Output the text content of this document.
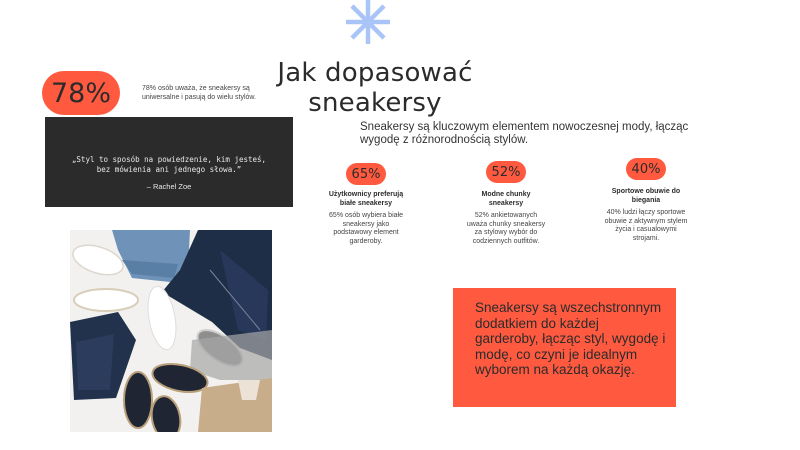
Jak dopasować
sneakersy
78%	78% osób uważa, że sneakersy są uniwersalne i pasują do wielu stylów.
„Styl to sposób na powiedzenie, kim jesteś, bez mówienia ani jednego słowa.”
– Rachel Zoe
Sneakersy są kluczowym elementem nowoczesnej mody, łącząc wygodę z różnorodnością stylów.
65%
Użytkownicy preferują białe sneakersy
65% osób wybiera białe sneakersy jako podstawowy element garderoby.
52%
Modne chunky sneakersy
52% ankietowanych uważa chunky sneakersy za stylowy wybór do codziennych outfitów.
40%
Sportowe obuwie do biegania
40% ludzi łączy sportowe obuwie z aktywnym stylem życia i casualowymi strojami.
Sneakersy są wszechstronnym dodatkiem do każdej garderoby, łącząc styl, wygodę i modę, co czyni je idealnym wyborem na każdą okazję.
